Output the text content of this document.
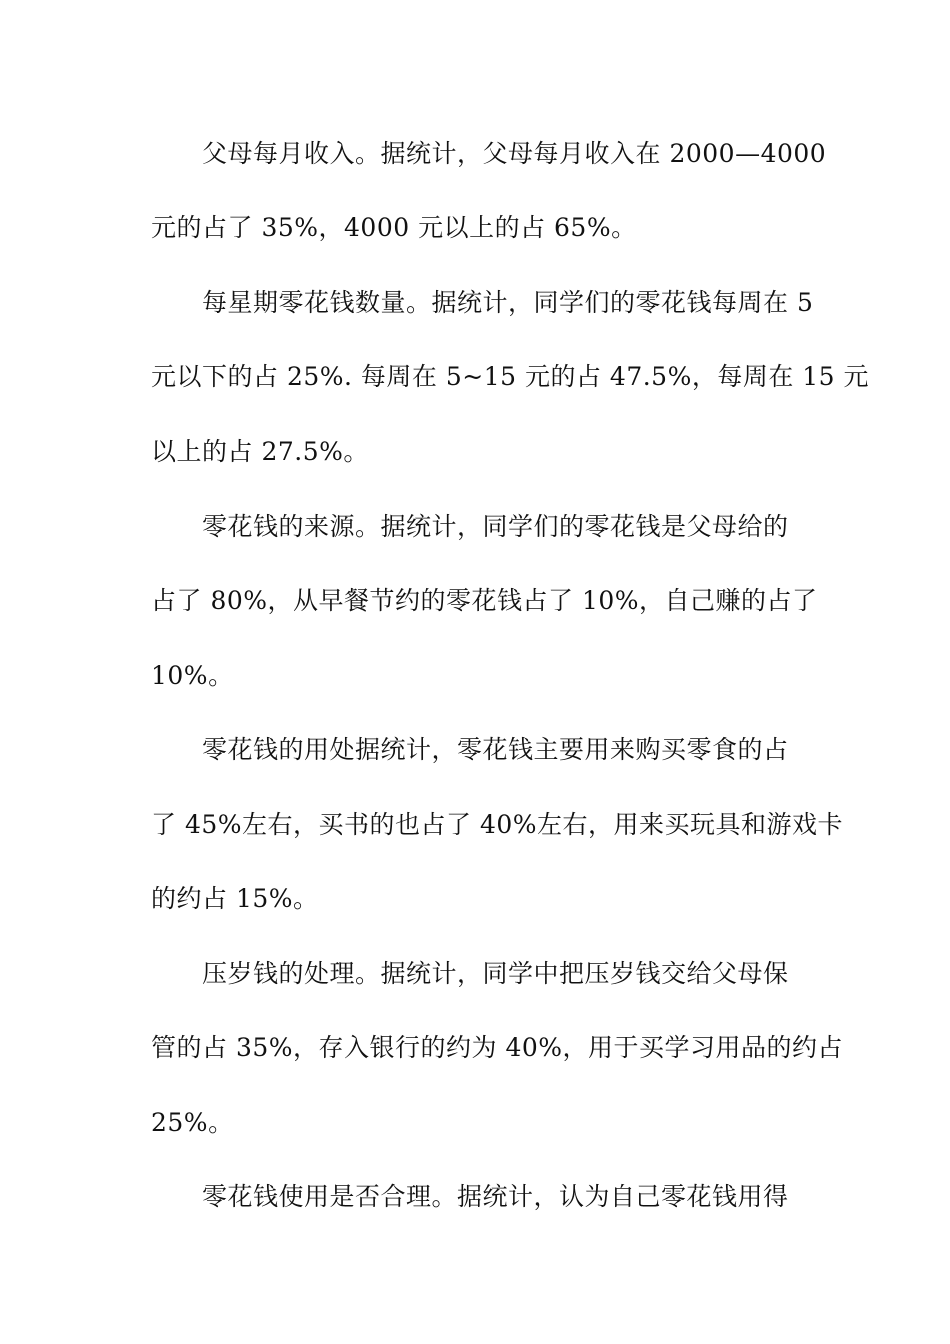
父母每月收入。据统计，父母每月收入在 2000—4000
元的占了 35%，4000 元以上的占 65%。
每星期零花钱数量。据统计，同学们的零花钱每周在 5
元以下的占 25%. 每周在 5~15 元的占 47.5%，每周在 15 元
以上的占 27.5%。
零花钱的来源。据统计，同学们的零花钱是父母给的
占了 80%，从早餐节约的零花钱占了 10%，自己赚的占了
10%。
零花钱的用处据统计，零花钱主要用来购买零食的占
了 45%左右，买书的也占了 40%左右，用来买玩具和游戏卡
的约占 15%。
压岁钱的处理。据统计，同学中把压岁钱交给父母保
管的占 35%，存入银行的约为 40%，用于买学习用品的约占
25%。
零花钱使用是否合理。据统计，认为自己零花钱用得
